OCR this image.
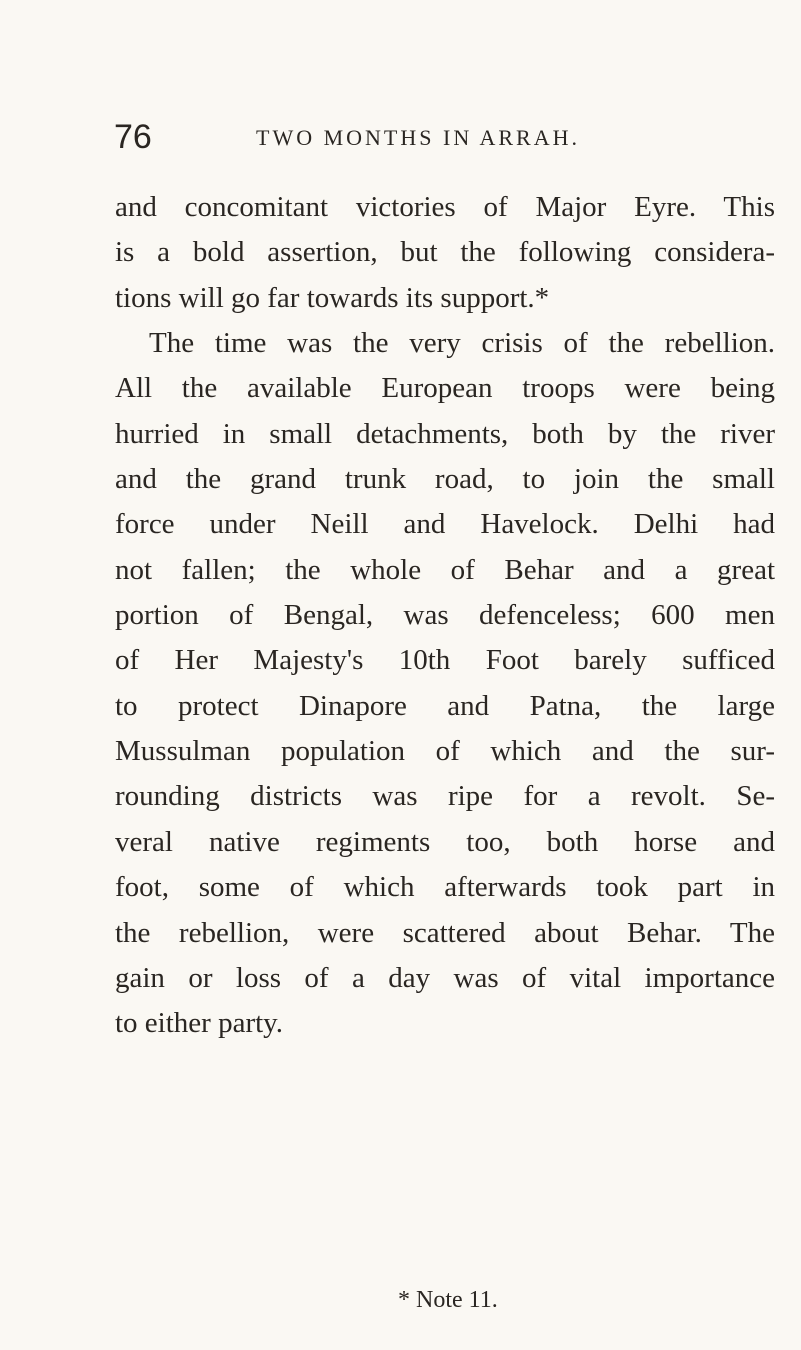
76	TWO MONTHS IN ARRAH.
and concomitant victories of Major Eyre. This
is a bold assertion, but the following considera-
tions will go far towards its support.*
The time was the very crisis of the rebellion.
All the available European troops were being
hurried in small detachments, both by the river
and the grand trunk road, to join the small
force under Neill and Havelock. Delhi had
not fallen; the whole of Behar and a great
portion of Bengal, was defenceless; 600 men
of Her Majesty's 10th Foot barely sufficed
to protect Dinapore and Patna, the large
Mussulman population of which and the sur-
rounding districts was ripe for a revolt. Se-
veral native regiments too, both horse and
foot, some of which afterwards took part in
the rebellion, were scattered about Behar. The
gain or loss of a day was of vital importance
to either party.
* Note 11.
